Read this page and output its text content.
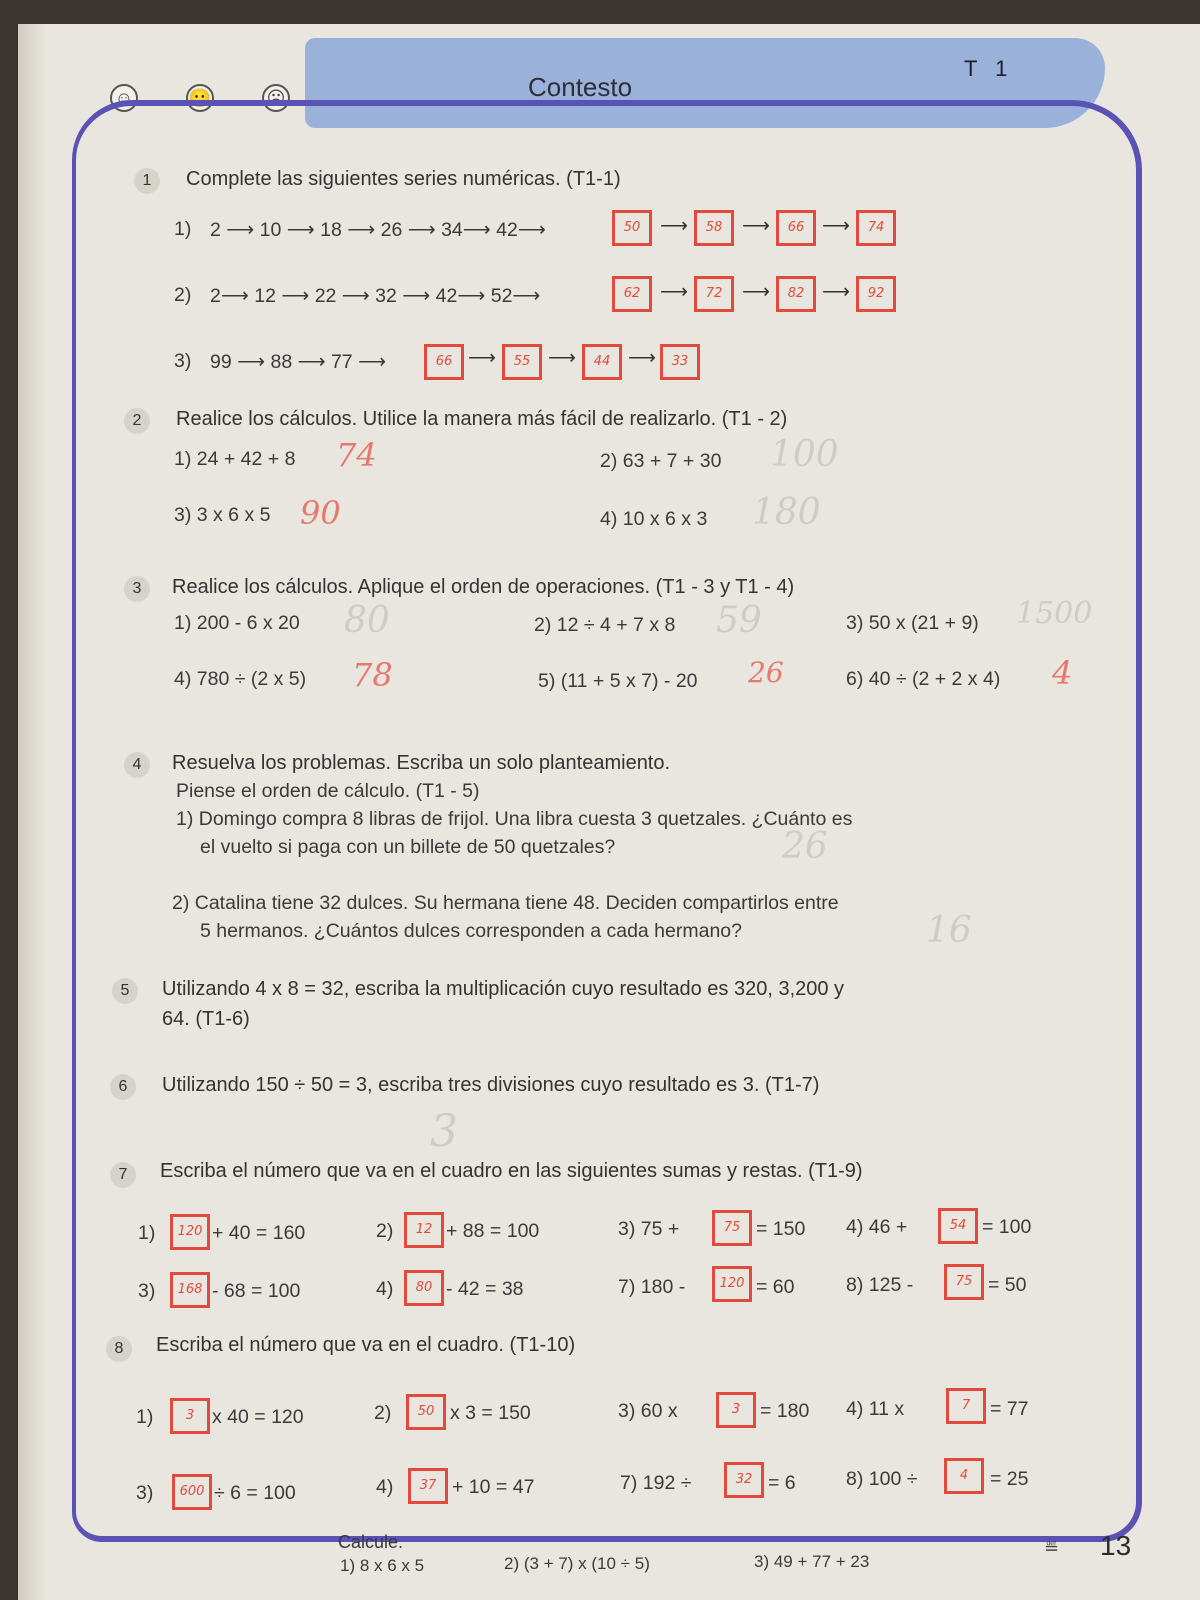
Contesto
T 1
☺	😐	☹
1	Complete las siguientes series numéricas. (T1-1)
1) 2 ⟶ 10 ⟶ 18 ⟶ 26 ⟶ 34⟶ 42⟶	50	⟶	58	⟶	66 ⟶	74
2) 2⟶ 12 ⟶ 22 ⟶ 32 ⟶ 42⟶ 52⟶	62	⟶	72	⟶	82 ⟶	92
3) 99 ⟶ 88 ⟶ 77 ⟶	66 ⟶	55 ⟶	44 ⟶	33
2	Realice los cálculos. Utilice la manera más fácil de realizarlo. (T1 - 2)
1) 24 + 42 + 8 74	2) 63 + 7 + 30 100
3) 3 x 6 x 5 90	4) 10 x 6 x 3 180
3	Realice los cálculos. Aplique el orden de operaciones. (T1 - 3 y T1 - 4)
1) 200 - 6 x 20 80	2) 12 ÷ 4 + 7 x 8 59	3) 50 x (21 + 9) 1500
4) 780 ÷ (2 x 5) 78	5) (11 + 5 x 7) - 20 26	6) 40 ÷ (2 + 2 x 4) 4
4	Resuelva los problemas. Escriba un solo planteamiento.
Piense el orden de cálculo. (T1 - 5)
1) Domingo compra 8 libras de frijol. Una libra cuesta 3 quetzales. ¿Cuánto es
el vuelto si paga con un billete de 50 quetzales?	26
2) Catalina tiene 32 dulces. Su hermana tiene 48. Deciden compartirlos entre
5 hermanos. ¿Cuántos dulces corresponden a cada hermano?	16
5	Utilizando 4 x 8 = 32, escriba la multiplicación cuyo resultado es 320, 3,200 y
64. (T1-6)
6	Utilizando 150 ÷ 50 = 3, escriba tres divisiones cuyo resultado es 3. (T1-7)
3
7	Escriba el número que va en el cuadro en las siguientes sumas y restas. (T1-9)
1)	120 + 40 = 160	2)	12 + 88 = 100	3) 75 +	75 = 150 4) 46 +	54 = 100
3)	168 - 68 = 100	4)	80 - 42 = 38	7) 180 -	120 = 60	8) 125 -	75 = 50
8	Escriba el número que va en el cuadro. (T1-10)
1)	3 x 40 = 120	2)	50 x 3 = 150	3) 60 x	3	= 180 4) 11 x	7	= 77
3)	600 ÷ 6 = 100	4)	37 + 10 = 47	7) 192 ÷	32 = 6	8) 100 ÷	4	= 25
Calcule.
1) 8 x 6 x 5	2) (3 + 7) x (10 ÷ 5)	3) 49 + 77 + 23
≝ 13
